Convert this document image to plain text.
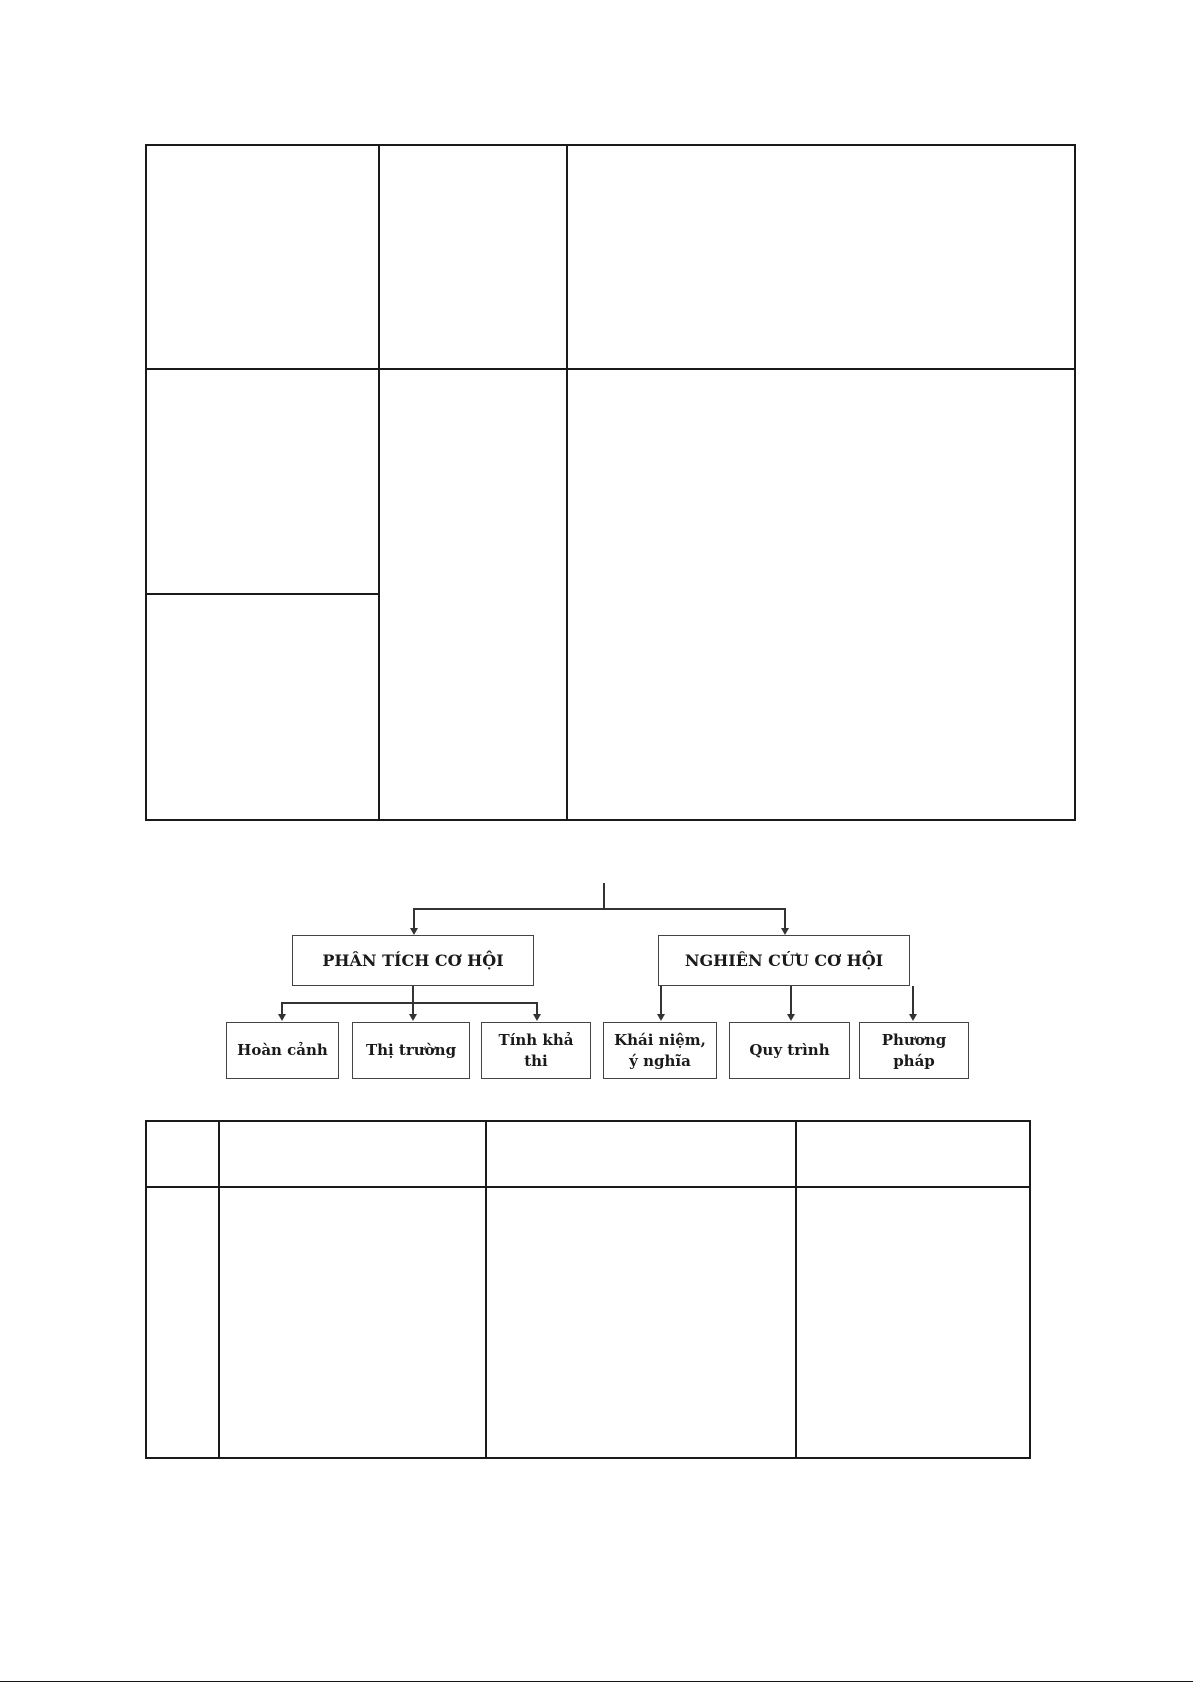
PHÂN TÍCH CƠ HỘI	NGHIÊN CỨU CƠ HỘI
Hoàn cảnh	Thị trường
Tính khả thi
Khái niệm, ý nghĩa
Quy trình
Phương pháp
